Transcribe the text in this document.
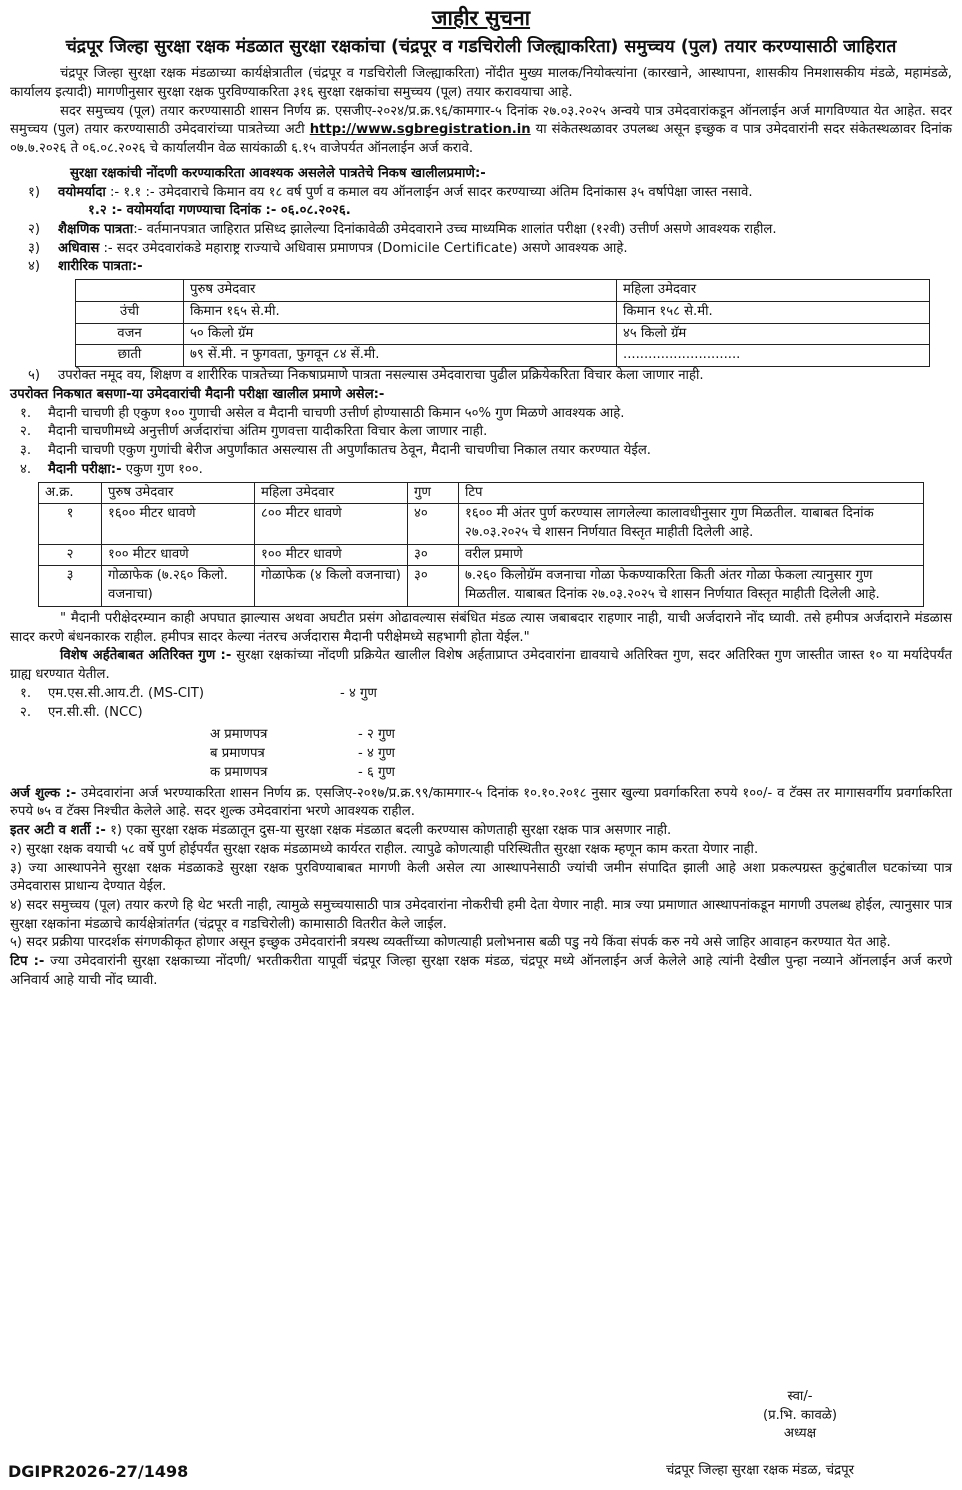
जाहीर सुचना
चंद्रपूर जिल्हा सुरक्षा रक्षक मंडळात सुरक्षा रक्षकांचा (चंद्रपूर व गडचिरोली जिल्ह्याकरिता) समुच्चय (पुल) तयार करण्यासाठी जाहिरात
चंद्रपूर जिल्हा सुरक्षा रक्षक मंडळाच्या कार्यक्षेत्रातील (चंद्रपूर व गडचिरोली जिल्ह्याकरिता) नोंदीत मुख्य मालक/नियोक्त्यांना (कारखाने, आस्थापना, शासकीय निमशासकीय मंडळे, महामंडळे, कार्यालय इत्यादी) मागणीनुसार सुरक्षा रक्षक पुरविण्याकरिता ३१६ सुरक्षा रक्षकांचा समुच्चय (पूल) तयार करावयाचा आहे.
सदर समुच्चय (पूल) तयार करण्यासाठी शासन निर्णय क्र. एसजीए-२०२४/प्र.क्र.९६/कामगार-५ दिनांक २७.०३.२०२५ अन्वये पात्र उमेदवारांकडून ऑनलाईन अर्ज मागविण्यात येत आहेत. सदर समुच्चय (पुल) तयार करण्यासाठी उमेदवारांच्या पात्रतेच्या अटी http://www.sgbregistration.in या संकेतस्थळावर उपलब्ध असून इच्छुक व पात्र उमेदवारांनी सदर संकेतस्थळावर दिनांक ०७.७.२०२६ ते ०६.०८.२०२६ चे कार्यालयीन वेळ सायंकाळी ६.१५ वाजेपर्यत ऑनलाईन अर्ज करावे.
सुरक्षा रक्षकांची नोंदणी करण्याकरिता आवश्यक असलेले पात्रतेचे निकष खालीलप्रमाणे:-
१)	वयोमर्यादा :- १.१ :- उमेदवाराचे किमान वय १८ वर्ष पुर्ण व कमाल वय ऑनलाईन अर्ज सादर करण्याच्या अंतिम दिनांकास ३५ वर्षापेक्षा जास्त नसावे.
१.२ :- वयोमर्यादा गणण्याचा दिनांक :- ०६.०८.२०२६.
२)	शैक्षणिक पात्रता:- वर्तमानपत्रात जाहिरात प्रसिध्द झालेल्या दिनांकावेळी उमेदवाराने उच्च माध्यमिक शालांत परीक्षा (१२वी) उत्तीर्ण असणे आवश्यक राहील.
३)	अधिवास :- सदर उमेदवारांकडे महाराष्ट्र राज्याचे अधिवास प्रमाणपत्र (Domicile Certificate) असणे आवश्यक आहे.
४)	शारीरिक पात्रता:-
	पुरुष उमेदवार	महिला उमेदवार
उंची	किमान १६५ से.मी.	किमान १५८ से.मी.
वजन	५० किलो ग्रॅम	४५ किलो ग्रॅम
छाती	७९ सें.मी. न फुगवता, फुगवून ८४ सें.मी.	............................
५)	उपरोक्त नमूद वय, शिक्षण व शारीरिक पात्रतेच्या निकषाप्रमाणे पात्रता नसल्यास उमेदवाराचा पुढील प्रक्रियेकरिता विचार केला जाणार नाही.
उपरोक्त निकषात बसणा-या उमेदवारांची मैदानी परीक्षा खालील प्रमाणे असेल:-
१.	मैदानी चाचणी ही एकुण १०० गुणाची असेल व मैदानी चाचणी उत्तीर्ण होण्यासाठी किमान ५०% गुण मिळणे आवश्यक आहे.
२.	मैदानी चाचणीमध्ये अनुत्तीर्ण अर्जदारांचा अंतिम गुणवत्ता यादीकरिता विचार केला जाणार नाही.
३.	मैदानी चाचणी एकुण गुणांची बेरीज अपुर्णांकात असल्यास ती अपुर्णांकातच ठेवून, मैदानी चाचणीचा निकाल तयार करण्यात येईल.
४.	मैदानी परीक्षा:- एकुण गुण १००.
अ.क्र.	पुरुष उमेदवार	महिला उमेदवार	गुण	टिप
१	१६०० मीटर धावणे	८०० मीटर धावणे	४०	१६०० मी अंतर पुर्ण करण्यास लागलेल्या कालावधीनुसार गुण मिळतील. याबाबत दिनांक २७.०३.२०२५ चे शासन निर्णयात विस्तृत माहीती दिलेली आहे.
२	१०० मीटर धावणे	१०० मीटर धावणे	३०	वरील प्रमाणे
३	गोळाफेक (७.२६० किलो. वजनाचा)	गोळाफेक (४ किलो वजनाचा)	३०	७.२६० किलोग्रॅम वजनाचा गोळा फेकण्याकरिता किती अंतर गोळा फेकला त्यानुसार गुण मिळतील. याबाबत दिनांक २७.०३.२०२५ चे शासन निर्णयात विस्तृत माहीती दिलेली आहे.
" मैदानी परीक्षेदरम्यान काही अपघात झाल्यास अथवा अघटीत प्रसंग ओढावल्यास संबंधित मंडळ त्यास जबाबदार राहणार नाही, याची अर्जदाराने नोंद घ्यावी. तसे हमीपत्र अर्जदाराने मंडळास सादर करणे बंधनकारक राहील. हमीपत्र सादर केल्या नंतरच अर्जदारास मैदानी परीक्षेमध्ये सहभागी होता येईल."
विशेष अर्हतेबाबत अतिरिक्त गुण :- सुरक्षा रक्षकांच्या नोंदणी प्रक्रियेत खालील विशेष अर्हताप्राप्त उमेदवारांना द्यावयाचे अतिरिक्त गुण, सदर अतिरिक्त गुण जास्तीत जास्त १० या मर्यादेपर्यंत ग्राह्य धरण्यात येतील.
१.	एम.एस.सी.आय.टी. (MS-CIT)	- ४ गुण
२.	एन.सी.सी. (NCC)
अ प्रमाणपत्र	- २ गुण
ब प्रमाणपत्र	- ४ गुण
क प्रमाणपत्र	- ६ गुण
अर्ज शुल्क :- उमेदवारांना अर्ज भरण्याकरिता शासन निर्णय क्र. एसजिए-२०१७/प्र.क्र.९९/कामगार-५ दिनांक १०.१०.२०१८ नुसार खुल्या प्रवर्गाकरिता रुपये १००/- व टॅक्स तर मागासवर्गीय प्रवर्गाकरिता रुपये ७५ व टॅक्स निश्चीत केलेले आहे. सदर शुल्क उमेदवारांना भरणे आवश्यक राहील.
इतर अटी व शर्ती :- १) एका सुरक्षा रक्षक मंडळातून दुस-या सुरक्षा रक्षक मंडळात बदली करण्यास कोणताही सुरक्षा रक्षक पात्र असणार नाही.
२) सुरक्षा रक्षक वयाची ५८ वर्षे पुर्ण होईपर्यंत सुरक्षा रक्षक मंडळामध्ये कार्यरत राहील. त्यापुढे कोणत्याही परिस्थितीत सुरक्षा रक्षक म्हणून काम करता येणार नाही.
३) ज्या आस्थापनेने सुरक्षा रक्षक मंडळाकडे सुरक्षा रक्षक पुरविण्याबाबत मागणी केली असेल त्या आस्थापनेसाठी ज्यांची जमीन संपादित झाली आहे अशा प्रकल्पग्रस्त कुटुंबातील घटकांच्या पात्र उमेदवारास प्राधान्य देण्यात येईल.
४) सदर समुच्चय (पूल) तयार करणे हि थेट भरती नाही, त्यामुळे समुच्चयासाठी पात्र उमेदवारांना नोकरीची हमी देता येणार नाही. मात्र ज्या प्रमाणात आस्थापनांकडून मागणी उपलब्ध होईल, त्यानुसार पात्र सुरक्षा रक्षकांना मंडळाचे कार्यक्षेत्रांतर्गत (चंद्रपूर व गडचिरोली) कामासाठी वितरीत केले जाईल.
५) सदर प्रक्रीया पारदर्शक संगणकीकृत होणार असून इच्छुक उमेदवारांनी त्रयस्थ व्यक्तींच्या कोणत्याही प्रलोभनास बळी पडु नये किंवा संपर्क करु नये असे जाहिर आवाहन करण्यात येत आहे.
टिप :- ज्या उमेदवारांनी सुरक्षा रक्षकाच्या नोंदणी/ भरतीकरीता यापूर्वी चंद्रपूर जिल्हा सुरक्षा रक्षक मंडळ, चंद्रपूर मध्ये ऑनलाईन अर्ज केलेले आहे त्यांनी देखील पुन्हा नव्याने ऑनलाईन अर्ज करणे अनिवार्य आहे याची नोंद घ्यावी.
स्वा/-
(प्र.भि. कावळे)
अध्यक्ष
चंद्रपूर जिल्हा सुरक्षा रक्षक मंडळ, चंद्रपूर
DGIPR2026-27/1498
